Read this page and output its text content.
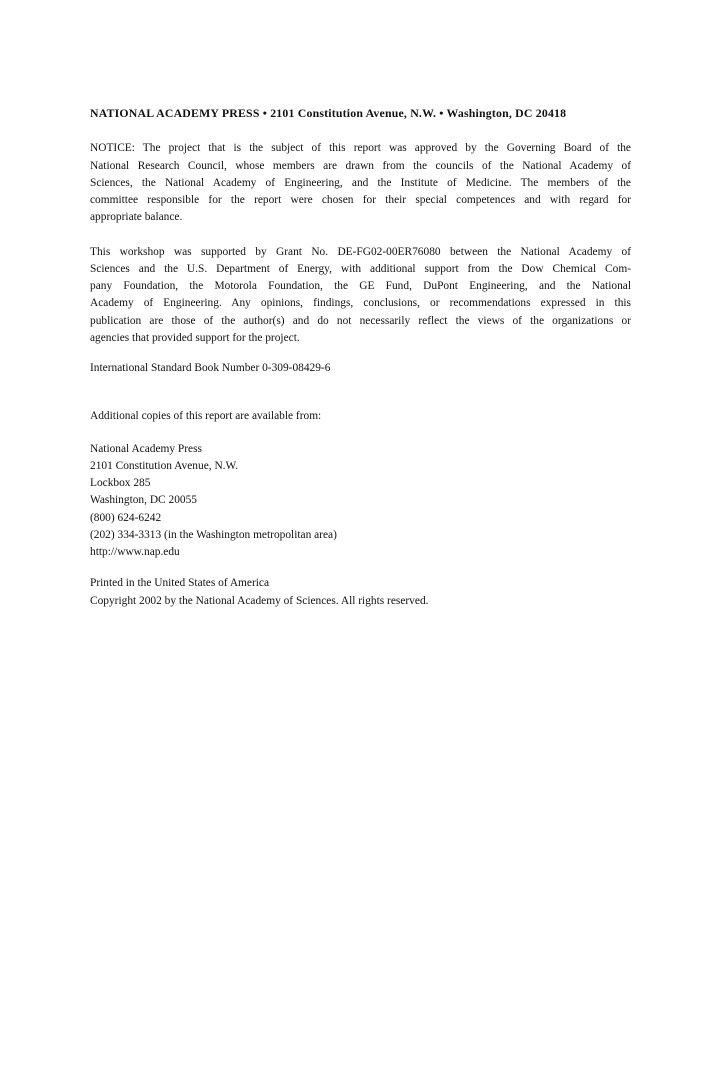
NATIONAL ACADEMY PRESS • 2101 Constitution Avenue, N.W. • Washington, DC 20418
NOTICE: The project that is the subject of this report was approved by the Governing Board of the
National Research Council, whose members are drawn from the councils of the National Academy of
Sciences, the National Academy of Engineering, and the Institute of Medicine. The members of the
committee responsible for the report were chosen for their special competences and with regard for
appropriate balance.
This workshop was supported by Grant No. DE-FG02-00ER76080 between the National Academy of
Sciences and the U.S. Department of Energy, with additional support from the Dow Chemical Com-
pany Foundation, the Motorola Foundation, the GE Fund, DuPont Engineering, and the National
Academy of Engineering. Any opinions, findings, conclusions, or recommendations expressed in this
publication are those of the author(s) and do not necessarily reflect the views of the organizations or
agencies that provided support for the project.
International Standard Book Number 0-309-08429-6
Additional copies of this report are available from:
National Academy Press
2101 Constitution Avenue, N.W.
Lockbox 285
Washington, DC 20055
(800) 624-6242
(202) 334-3313 (in the Washington metropolitan area)
http://www.nap.edu
Printed in the United States of America
Copyright 2002 by the National Academy of Sciences. All rights reserved.
